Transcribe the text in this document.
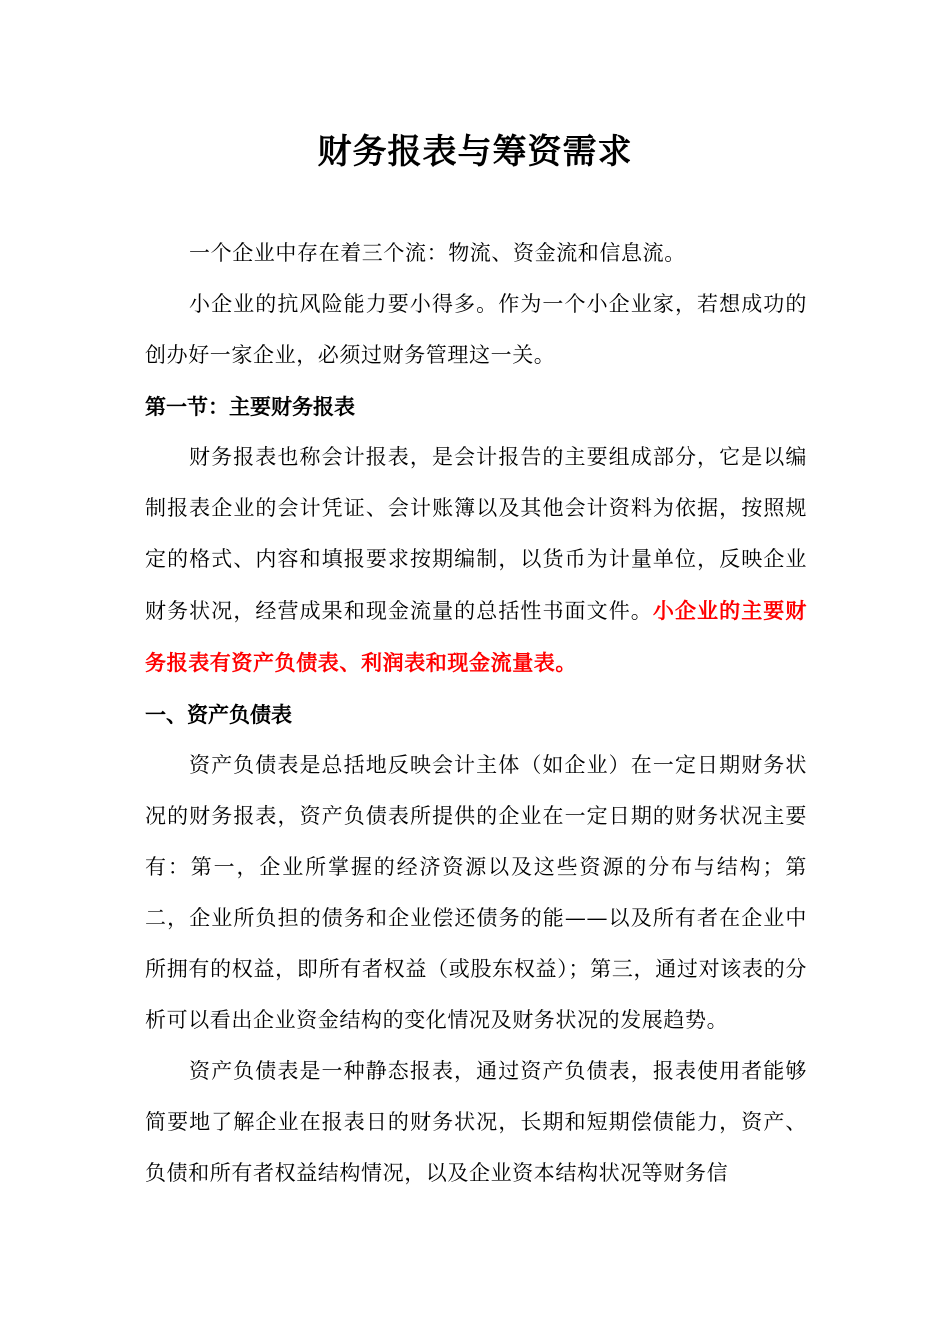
财务报表与筹资需求

一个企业中存在着三个流：物流、资金流和信息流。

小企业的抗风险能力要小得多。作为一个小企业家，若想成功的创办好一家企业，必须过财务管理这一关。

第一节：主要财务报表

财务报表也称会计报表，是会计报告的主要组成部分，它是以编制报表企业的会计凭证、会计账簿以及其他会计资料为依据，按照规定的格式、内容和填报要求按期编制，以货币为计量单位，反映企业财务状况，经营成果和现金流量的总括性书面文件。小企业的主要财务报表有资产负债表、利润表和现金流量表。

一、资产负债表

资产负债表是总括地反映会计主体（如企业）在一定日期财务状况的财务报表，资产负债表所提供的企业在一定日期的财务状况主要有：第一，企业所掌握的经济资源以及这些资源的分布与结构；第二，企业所负担的债务和企业偿还债务的能——以及所有者在企业中所拥有的权益，即所有者权益（或股东权益）；第三，通过对该表的分析可以看出企业资金结构的变化情况及财务状况的发展趋势。

资产负债表是一种静态报表，通过资产负债表，报表使用者能够简要地了解企业在报表日的财务状况，长期和短期偿债能力，资产、负债和所有者权益结构情况，以及企业资本结构状况等财务信
